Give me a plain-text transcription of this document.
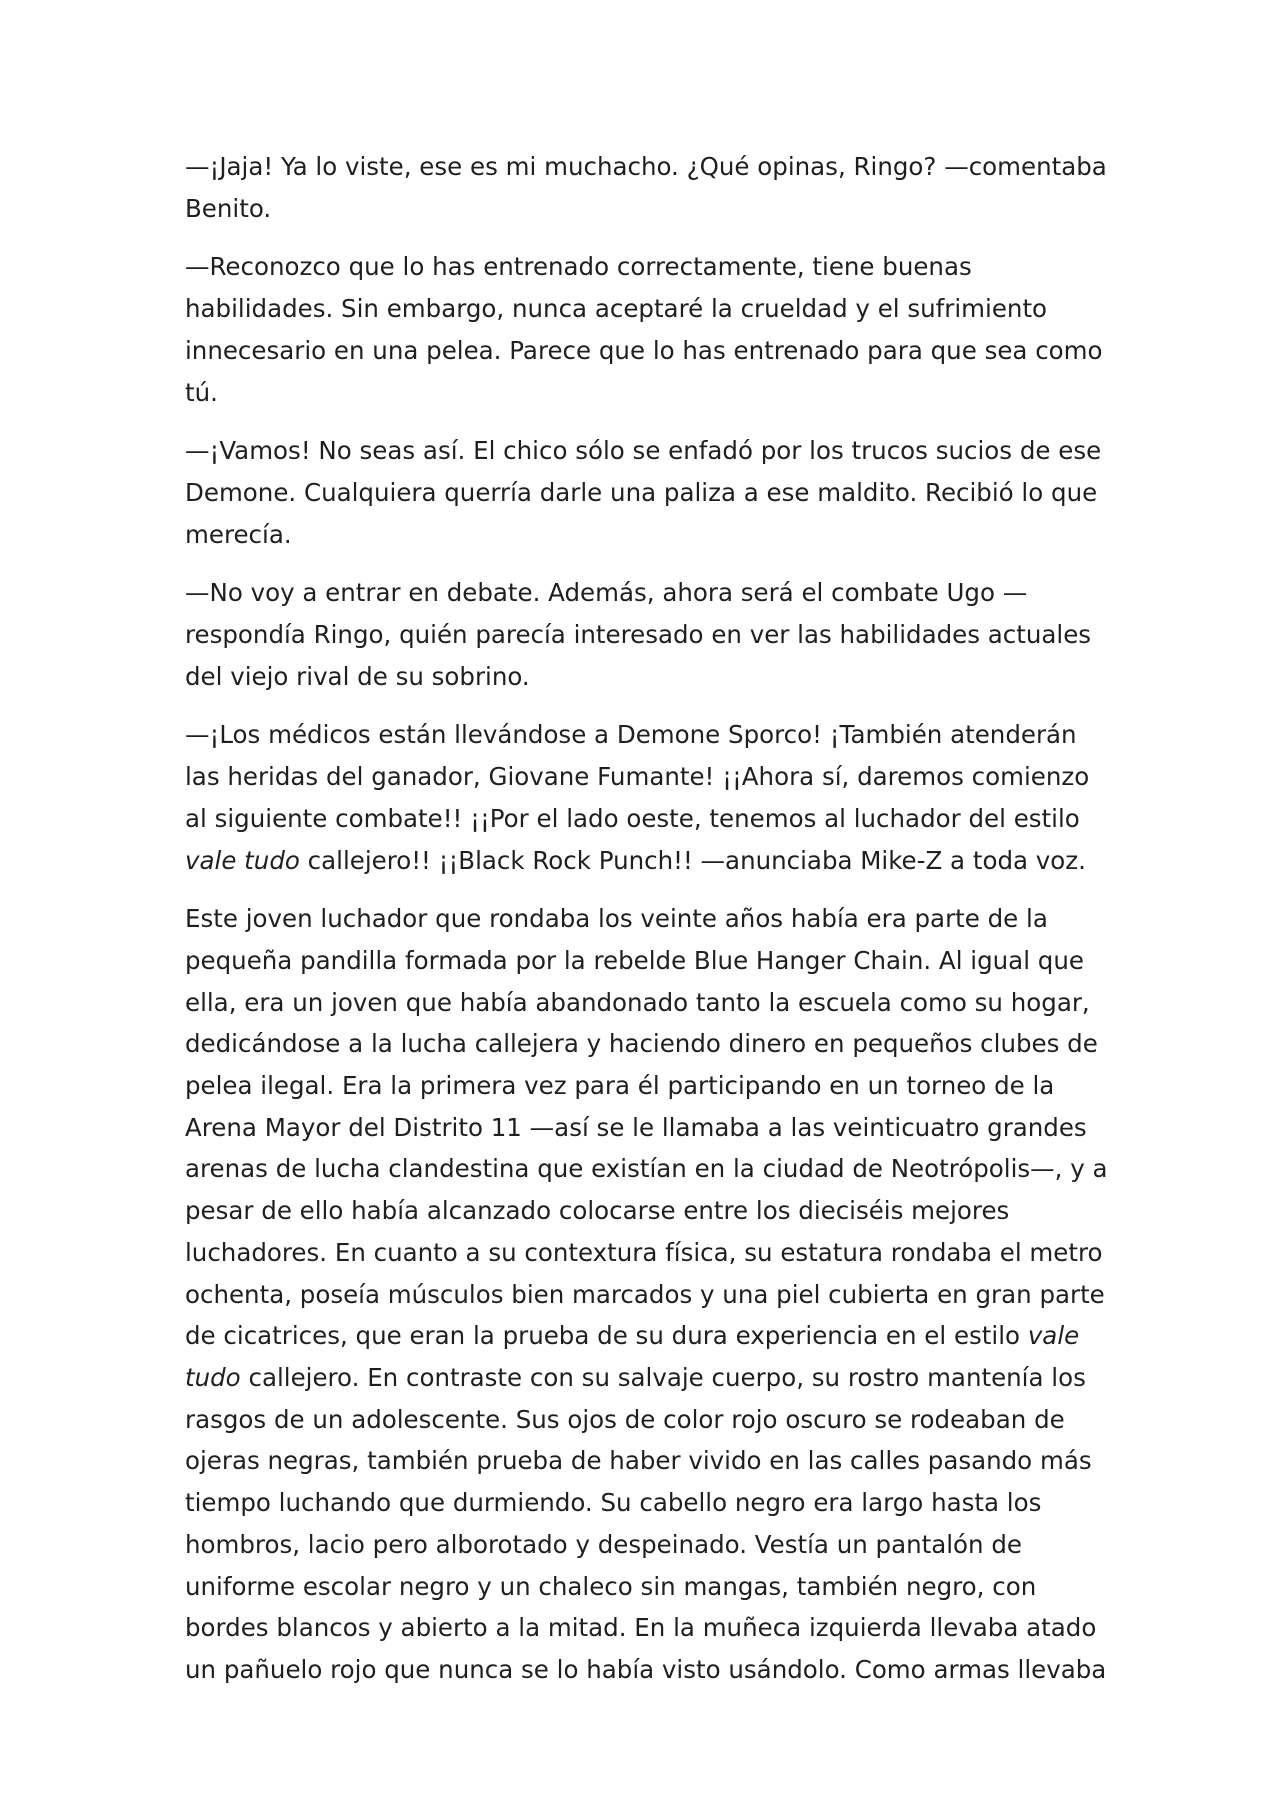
—¡Jaja! Ya lo viste, ese es mi muchacho. ¿Qué opinas, Ringo? —comentaba Benito.

—Reconozco que lo has entrenado correctamente, tiene buenas habilidades. Sin embargo, nunca aceptaré la crueldad y el sufrimiento innecesario en una pelea. Parece que lo has entrenado para que sea como tú.

—¡Vamos! No seas así. El chico sólo se enfadó por los trucos sucios de ese Demone. Cualquiera querría darle una paliza a ese maldito. Recibió lo que merecía.

—No voy a entrar en debate. Además, ahora será el combate Ugo —respondía Ringo, quién parecía interesado en ver las habilidades actuales del viejo rival de su sobrino.

—¡Los médicos están llevándose a Demone Sporco! ¡También atenderán las heridas del ganador, Giovane Fumante! ¡¡Ahora sí, daremos comienzo al siguiente combate!! ¡¡Por el lado oeste, tenemos al luchador del estilo vale tudo callejero!! ¡¡Black Rock Punch!! —anunciaba Mike-Z a toda voz.

Este joven luchador que rondaba los veinte años había era parte de la pequeña pandilla formada por la rebelde Blue Hanger Chain. Al igual que ella, era un joven que había abandonado tanto la escuela como su hogar, dedicándose a la lucha callejera y haciendo dinero en pequeños clubes de pelea ilegal. Era la primera vez para él participando en un torneo de la Arena Mayor del Distrito 11 —así se le llamaba a las veinticuatro grandes arenas de lucha clandestina que existían en la ciudad de Neotrópolis—, y a pesar de ello había alcanzado colocarse entre los dieciséis mejores luchadores. En cuanto a su contextura física, su estatura rondaba el metro ochenta, poseía músculos bien marcados y una piel cubierta en gran parte de cicatrices, que eran la prueba de su dura experiencia en el estilo vale tudo callejero. En contraste con su salvaje cuerpo, su rostro mantenía los rasgos de un adolescente. Sus ojos de color rojo oscuro se rodeaban de ojeras negras, también prueba de haber vivido en las calles pasando más tiempo luchando que durmiendo. Su cabello negro era largo hasta los hombros, lacio pero alborotado y despeinado. Vestía un pantalón de uniforme escolar negro y un chaleco sin mangas, también negro, con bordes blancos y abierto a la mitad. En la muñeca izquierda llevaba atado un pañuelo rojo que nunca se lo había visto usándolo. Como armas llevaba
